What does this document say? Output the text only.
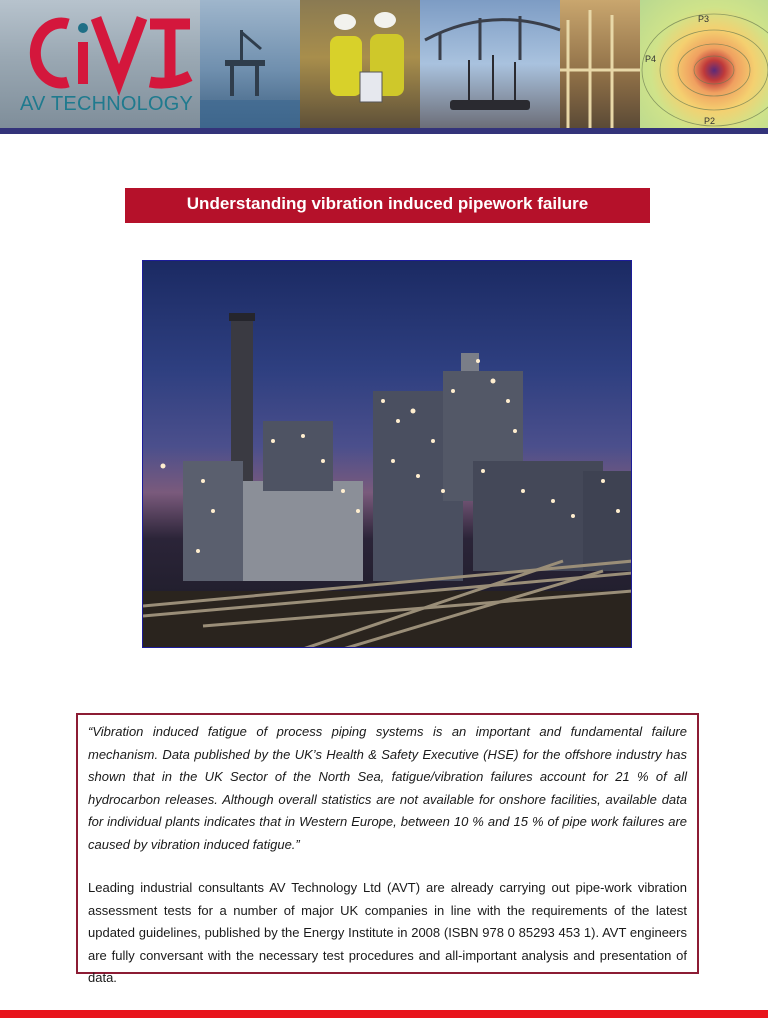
P3
P4
P2
AV TECHNOLOGY
Understanding vibration induced pipework failure

“Vibration induced fatigue of process piping systems is an important and fundamental failure mechanism. Data published by the UK’s Health & Safety Executive (HSE) for the offshore industry has shown that in the UK Sector of the North Sea, fatigue/vibration failures account for 21 % of all hydrocarbon releases. Although overall statistics are not available for onshore facilities, available data for individual plants indicates that in Western Europe, between 10 % and 15 % of pipe work failures are caused by vibration induced fatigue.”

Leading industrial consultants AV Technology Ltd (AVT) are already carrying out pipe-work vibration assessment tests for a number of major UK companies in line with the requirements of the latest updated guidelines, published by the Energy Institute in 2008 (ISBN 978 0 85293 453 1). AVT engineers are fully conversant with the necessary test procedures and all-important analysis and presentation of data.
